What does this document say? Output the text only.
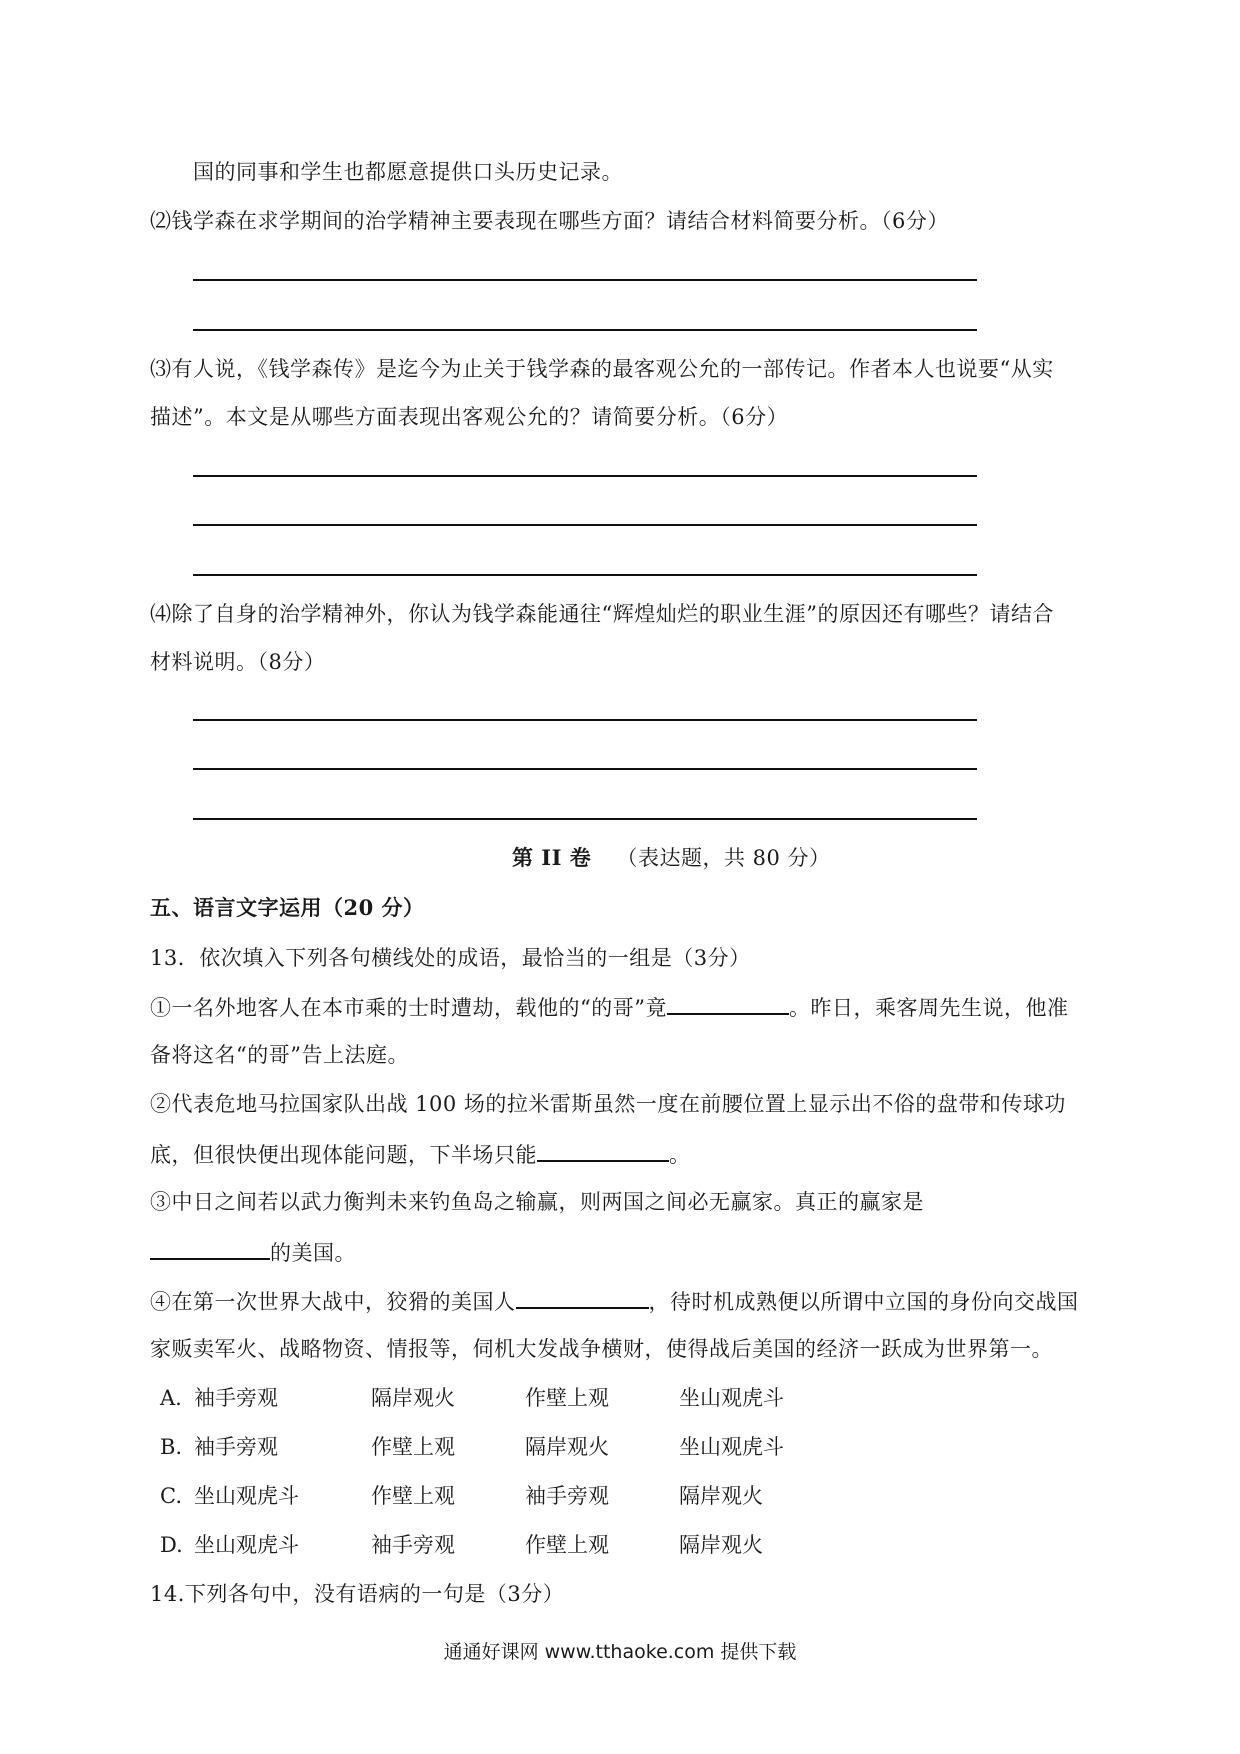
国的同事和学生也都愿意提供口头历史记录。
⑵钱学森在求学期间的治学精神主要表现在哪些方面？请结合材料简要分析。（6分）
⑶有人说，《钱学森传》是迄今为止关于钱学森的最客观公允的一部传记。作者本人也说要“从实
描述”。本文是从哪些方面表现出客观公允的？请简要分析。（6分）
⑷除了自身的治学精神外，你认为钱学森能通往“辉煌灿烂的职业生涯”的原因还有哪些？请结合
材料说明。（8分）
第 II 卷 （表达题，共 80 分）
五、语言文字运用（20 分）
13．依次填入下列各句横线处的成语，最恰当的一组是（3分）
①一名外地客人在本市乘的士时遭劫，载他的“的哥”竟	。昨日，乘客周先生说，他准
备将这名“的哥”告上法庭。
②代表危地马拉国家队出战 100 场的拉米雷斯虽然一度在前腰位置上显示出不俗的盘带和传球功
底，但很快便出现体能问题，下半场只能	。
③中日之间若以武力衡判未来钓鱼岛之输赢，则两国之间必无赢家。真正的赢家是
的美国。
④在第一次世界大战中，狡猾的美国人	，待时机成熟便以所谓中立国的身份向交战国
家贩卖军火、战略物资、情报等，伺机大发战争横财，使得战后美国的经济一跃成为世界第一。
A. 袖手旁观	隔岸观火	作壁上观	坐山观虎斗
B. 袖手旁观	作壁上观	隔岸观火	坐山观虎斗
C. 坐山观虎斗	作壁上观	袖手旁观	隔岸观火
D. 坐山观虎斗	袖手旁观	作壁上观	隔岸观火
14.下列各句中，没有语病的一句是（3分）
通通好课网 www.tthaoke.com 提供下载
